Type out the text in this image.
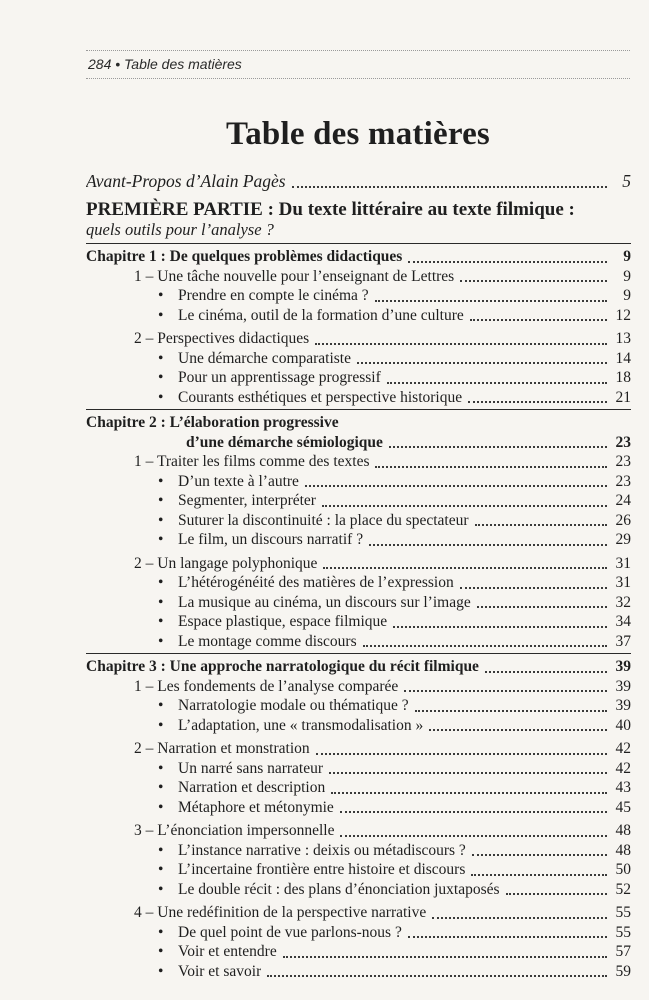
284 • Table des matières
Table des matières
Avant-Propos d’Alain Pagès	5
PREMIÈRE PARTIE : Du texte littéraire au texte filmique :
quels outils pour l’analyse ?
Chapitre 1 : De quelques problèmes didactiques	9
1 – Une tâche nouvelle pour l’enseignant de Lettres	9
• Prendre en compte le cinéma ?	9
• Le cinéma, outil de la formation d’une culture	12
2 – Perspectives didactiques	13
• Une démarche comparatiste	14
• Pour un apprentissage progressif	18
• Courants esthétiques et perspective historique	21
Chapitre 2 : L’élaboration progressive
d’une démarche sémiologique	23
1 – Traiter les films comme des textes	23
• D’un texte à l’autre	23
• Segmenter, interpréter	24
• Suturer la discontinuité : la place du spectateur	26
• Le film, un discours narratif ?	29
2 – Un langage polyphonique	31
• L’hétérogénéité des matières de l’expression	31
• La musique au cinéma, un discours sur l’image	32
• Espace plastique, espace filmique	34
• Le montage comme discours	37
Chapitre 3 : Une approche narratologique du récit filmique	39
1 – Les fondements de l’analyse comparée	39
• Narratologie modale ou thématique ?	39
• L’adaptation, une « transmodalisation »	40
2 – Narration et monstration	42
• Un narré sans narrateur	42
• Narration et description	43
• Métaphore et métonymie	45
3 – L’énonciation impersonnelle	48
• L’instance narrative : deixis ou métadiscours ?	48
• L’incertaine frontière entre histoire et discours	50
• Le double récit : des plans d’énonciation juxtaposés	52
4 – Une redéfinition de la perspective narrative	55
• De quel point de vue parlons-nous ?	55
• Voir et entendre	57
• Voir et savoir	59
